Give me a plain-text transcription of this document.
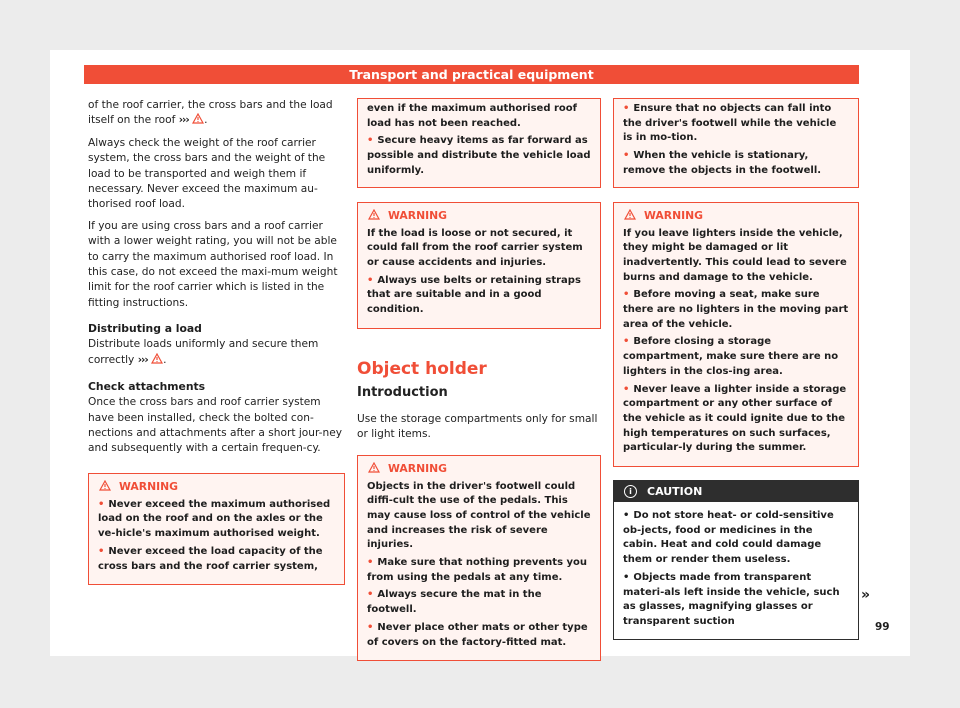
Transport and practical equipment

of the roof carrier, the cross bars and the load itself on the roof ››› .

Always check the weight of the roof carrier system, the cross bars and the weight of the load to be transported and weigh them if necessary. Never exceed the maximum au-thorised roof load.

If you are using cross bars and a roof carrier with a lower weight rating, you will not be able to carry the maximum authorised roof load. In this case, do not exceed the maxi-mum weight limit for the roof carrier which is listed in the fitting instructions.

Distributing a load

Distribute loads uniformly and secure them correctly ››› .

Check attachments

Once the cross bars and roof carrier system have been installed, check the bolted con-nections and attachments after a short jour-ney and subsequently with a certain frequen-cy.

WARNING

• Never exceed the maximum authorised load on the roof and on the axles or the ve-hicle's maximum authorised weight.

• Never exceed the load capacity of the cross bars and the roof carrier system,

even if the maximum authorised roof load has not been reached.

• Secure heavy items as far forward as possible and distribute the vehicle load uniformly.

WARNING

If the load is loose or not secured, it could fall from the roof carrier system or cause accidents and injuries.

• Always use belts or retaining straps that are suitable and in a good condition.

Object holder
Introduction

Use the storage compartments only for small or light items.

WARNING

Objects in the driver's footwell could diffi-cult the use of the pedals. This may cause loss of control of the vehicle and increases the risk of severe injuries.

• Make sure that nothing prevents you from using the pedals at any time.

• Always secure the mat in the footwell.

• Never place other mats or other type of covers on the factory-fitted mat.

• Ensure that no objects can fall into the driver's footwell while the vehicle is in mo-tion.

• When the vehicle is stationary, remove the objects in the footwell.

WARNING

If you leave lighters inside the vehicle, they might be damaged or lit inadvertently. This could lead to severe burns and damage to the vehicle.

• Before moving a seat, make sure there are no lighters in the moving part area of the vehicle.

• Before closing a storage compartment, make sure there are no lighters in the clos-ing area.

• Never leave a lighter inside a storage compartment or any other surface of the vehicle as it could ignite due to the high temperatures on such surfaces, particular-ly during the summer.

i	CAUTION

• Do not store heat- or cold-sensitive ob-jects, food or medicines in the cabin. Heat and cold could damage them or render them useless.

• Objects made from transparent materi-als left inside the vehicle, such as glasses, magnifying glasses or transparent suction

»
99
